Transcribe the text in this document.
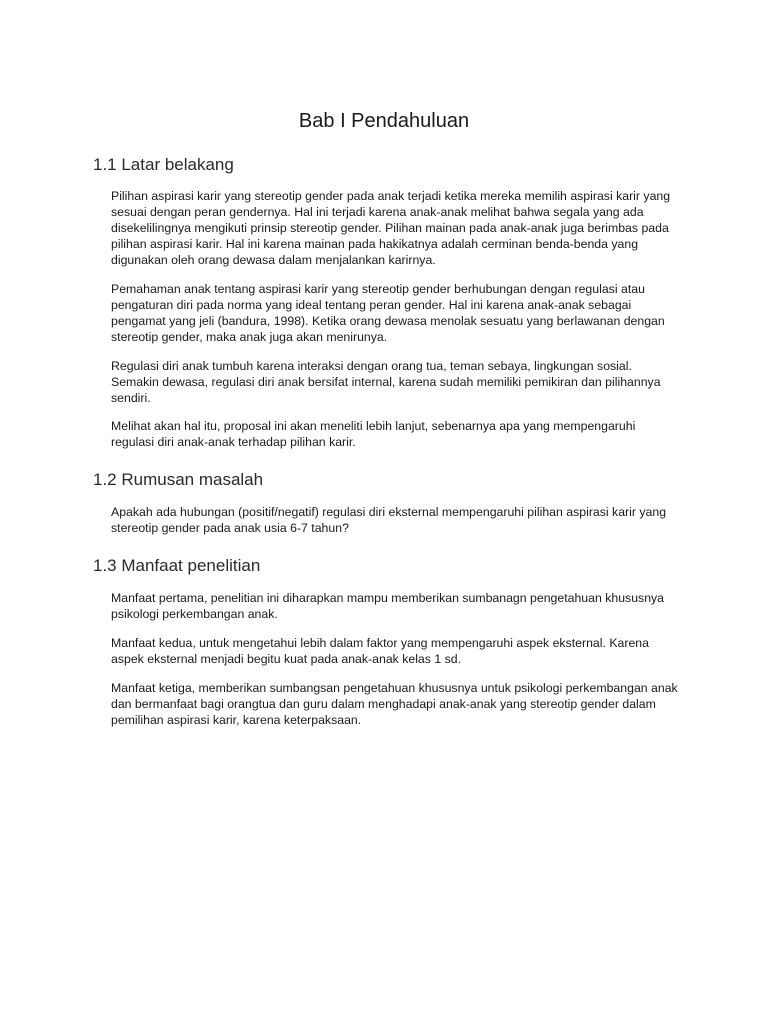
Bab I Pendahuluan
1.1 Latar belakang

Pilihan aspirasi karir yang stereotip gender pada anak terjadi ketika mereka memilih aspirasi karir yang sesuai dengan peran gendernya. Hal ini terjadi karena anak-anak melihat bahwa segala yang ada disekelilingnya mengikuti prinsip stereotip gender. Pilihan mainan pada anak-anak juga berimbas pada pilihan aspirasi karir. Hal ini karena mainan pada hakikatnya adalah cerminan benda-benda yang digunakan oleh orang dewasa dalam menjalankan karirnya.

Pemahaman anak tentang aspirasi karir yang stereotip gender berhubungan dengan regulasi atau pengaturan diri pada norma yang ideal tentang peran gender. Hal ini karena anak-anak sebagai pengamat yang jeli (bandura, 1998). Ketika orang dewasa menolak sesuatu yang berlawanan dengan stereotip gender, maka anak juga akan menirunya.

Regulasi diri anak tumbuh karena interaksi dengan orang tua, teman sebaya, lingkungan sosial. Semakin dewasa, regulasi diri anak bersifat internal, karena sudah memiliki pemikiran dan pilihannya sendiri.

Melihat akan hal itu, proposal ini akan meneliti lebih lanjut, sebenarnya apa yang mempengaruhi regulasi diri anak-anak terhadap pilihan karir.

1.2 Rumusan masalah

Apakah ada hubungan (positif/negatif) regulasi diri eksternal mempengaruhi pilihan aspirasi karir yang stereotip gender pada anak usia 6-7 tahun?

1.3 Manfaat penelitian

Manfaat pertama, penelitian ini diharapkan mampu memberikan sumbanagn pengetahuan khususnya psikologi perkembangan anak.

Manfaat kedua, untuk mengetahui lebih dalam faktor yang mempengaruhi aspek eksternal. Karena aspek eksternal menjadi begitu kuat pada anak-anak kelas 1 sd.

Manfaat ketiga, memberikan sumbangsan pengetahuan khususnya untuk psikologi perkembangan anak dan bermanfaat bagi orangtua dan guru dalam menghadapi anak-anak yang stereotip gender dalam pemilihan aspirasi karir, karena keterpaksaan.
